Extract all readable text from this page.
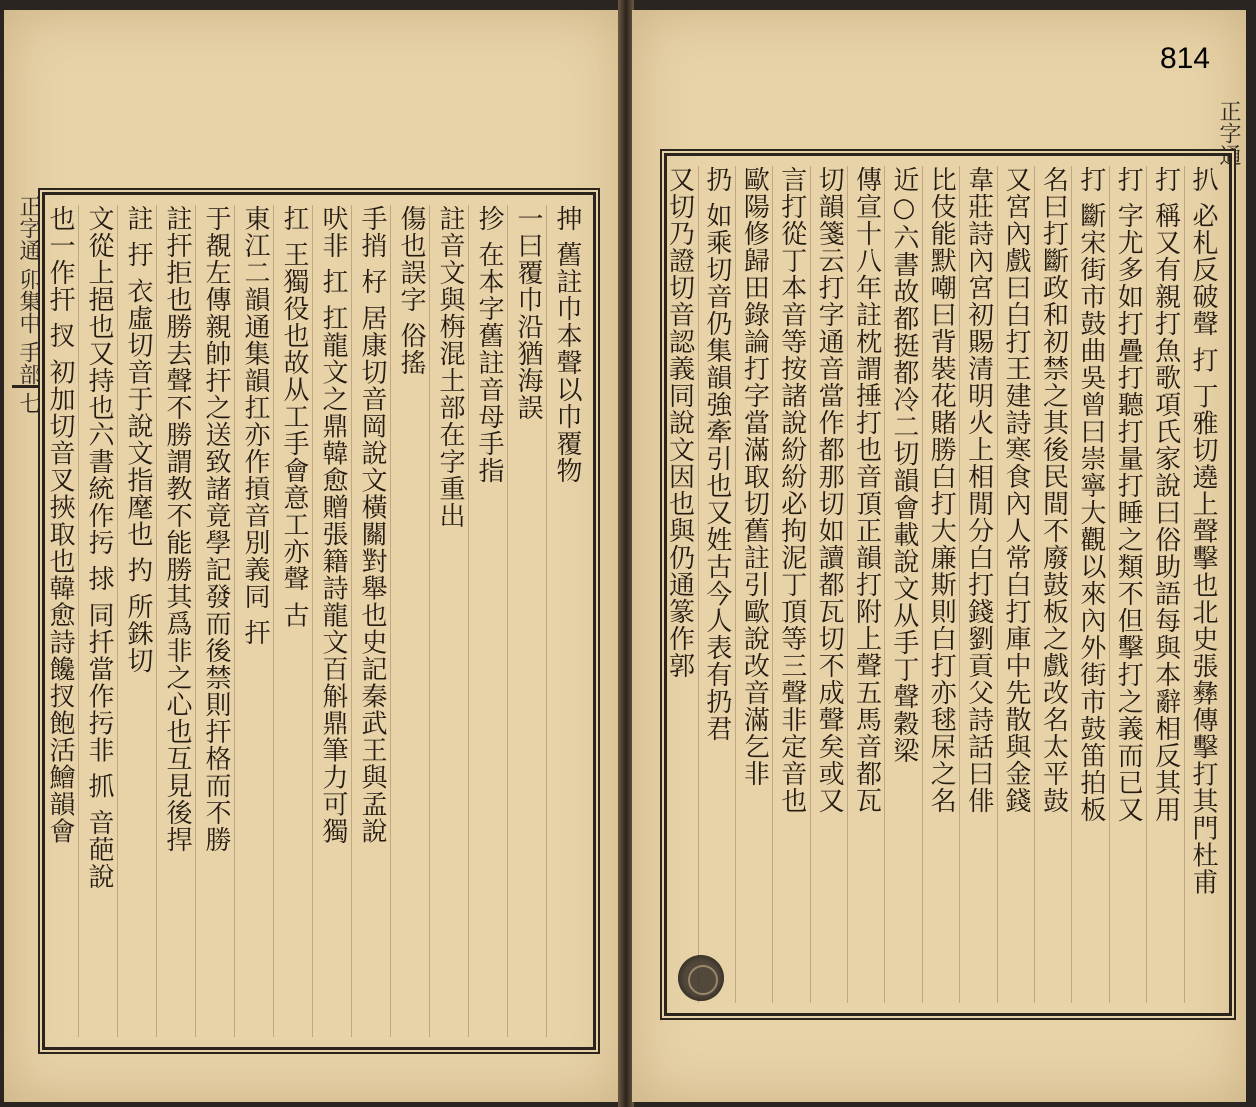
正字通 卯集中 手部 七	抻 舊註巾本聲以巾覆物
一曰覆巾沿猶海誤
抮 在本字舊註音母手指
註音文與栴混土部在字重出
傷也誤字 俗搖
手捎 杍 居康切音岡說文橫關對舉也史記秦武王與孟說
吠非 扛 扛龍文之鼎韓愈贈張籍詩龍文百斛鼎筆力可獨
扛 王獨役也故从工手會意工亦聲 古
東江二韻通集韻扛亦作摃音別義同 扞
于覩左傳親帥扞之送致諸竟學記發而後禁則扞格而不勝
註扞拒也勝去聲不勝謂教不能勝其爲非之心也互見後捍
註 扜 衣虛切音于說文指麾也 扚 所銖切
文從上挹也又持也六書統作扝 捄 同扦當作扝非 抓 音葩說
也一作扞 扠 初加切音叉挾取也韓愈詩饞扠飽活鱠韻會
814
正字通
扒 必札反破聲 打 丁雅切遶上聲擊也北史張彝傳擊打其門杜甫
打 稱又有親打魚歌項氏家說曰俗助語每與本辭相反其用
打 字尤多如打疊打聽打量打睡之類不但擊打之義而已又
打 斷宋街市鼓曲吳曾曰崇寧大觀以來內外街市鼓笛拍板
名曰打斷政和初禁之其後民間不廢鼓板之戲改名太平鼓
又宮內戲曰白打王建詩寒食內人常白打庫中先散與金錢
韋莊詩內宮初賜清明火上相閒分白打錢劉貢父詩話曰俳
比伎能默嘲曰背裝花賭勝白打大廉斯則白打亦毬杘之名
近○六書故都挺都冷二切韻會載說文从手丁聲穀梁
傳宣十八年註枕謂捶打也音頂正韻打附上聲五馬音都瓦
切韻箋云打字通音當作都那切如讀都瓦切不成聲矣或又
言打從丁本音等按諸說紛紛必拘泥丁頂等三聲非定音也
歐陽修歸田錄論打字當滿取切舊註引歐說改音滿乞非
扔 如乘切音仍集韻強牽引也又姓古今人表有扔君
又切乃證切音認義同說文因也與仍通篆作郭
